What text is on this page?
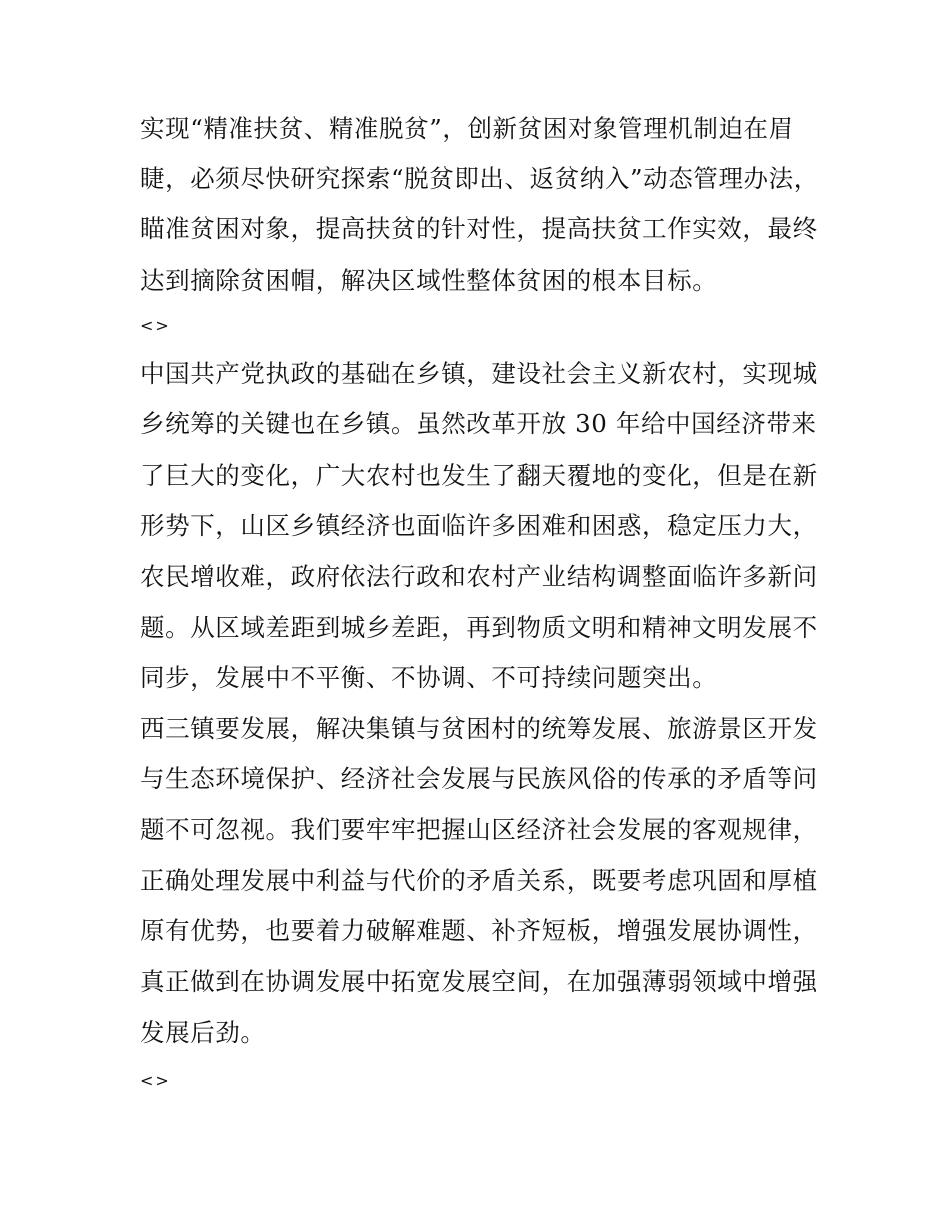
实现“精准扶贫、精准脱贫”，创新贫困对象管理机制迫在眉
睫，必须尽快研究探索“脱贫即出、返贫纳入”动态管理办法，
瞄准贫困对象，提高扶贫的针对性，提高扶贫工作实效，最终
达到摘除贫困帽，解决区域性整体贫困的根本目标。
<>
中国共产党执政的基础在乡镇，建设社会主义新农村，实现城
乡统筹的关键也在乡镇。虽然改革开放 30 年给中国经济带来
了巨大的变化，广大农村也发生了翻天覆地的变化，但是在新
形势下，山区乡镇经济也面临许多困难和困惑，稳定压力大，
农民增收难，政府依法行政和农村产业结构调整面临许多新问
题。从区域差距到城乡差距，再到物质文明和精神文明发展不
同步，发展中不平衡、不协调、不可持续问题突出。
西三镇要发展，解决集镇与贫困村的统筹发展、旅游景区开发
与生态环境保护、经济社会发展与民族风俗的传承的矛盾等问
题不可忽视。我们要牢牢把握山区经济社会发展的客观规律，
正确处理发展中利益与代价的矛盾关系，既要考虑巩固和厚植
原有优势，也要着力破解难题、补齐短板，增强发展协调性，
真正做到在协调发展中拓宽发展空间，在加强薄弱领域中增强
发展后劲。
<>
